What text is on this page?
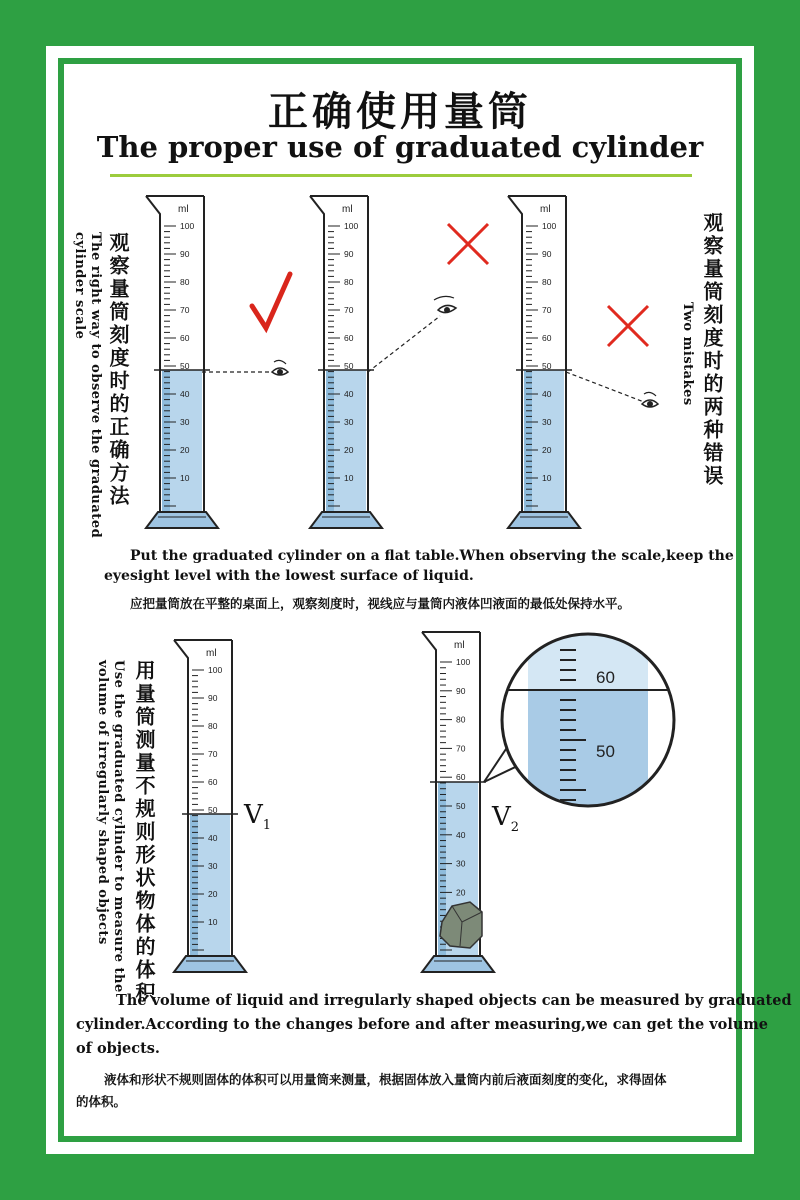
正确使用量筒
The proper use of graduated cylinder
观察量筒刻度时的正确方法
The right way to observe the graduated
cylinder scale	观察量筒刻度时的两种错误
Two mistakes
Put the graduated cylinder on a flat table.When observing the scale,keep the
eyesight level with the lowest surface of liquid.
应把量筒放在平整的桌面上，观察刻度时，视线应与量筒内液体凹液面的最低处保持水平。
用量筒测量不规则形状物体的体积
Use the graduated cylinder to measure the
volume of irregularly shaped objects	$V_1$	$V_2$
The volume of liquid and irregularly shaped objects can be measured by graduated
cylinder.According to the changes before and after measuring,we can get the volume
of objects.
液体和形状不规则固体的体积可以用量筒来测量，根据固体放入量筒内前后液面刻度的变化，求得固体
的体积。
ml
100
90
80
70
60
50
40
30
20
10
ml
100
90
80
70
60
50
40
30
20
10
ml
100
90
80
70
60
50
40
30
20
10
ml
100
90
80
70
60
50
40
30
20
10
ml
100
90
80
70
60
50
40
30
20
60
50
